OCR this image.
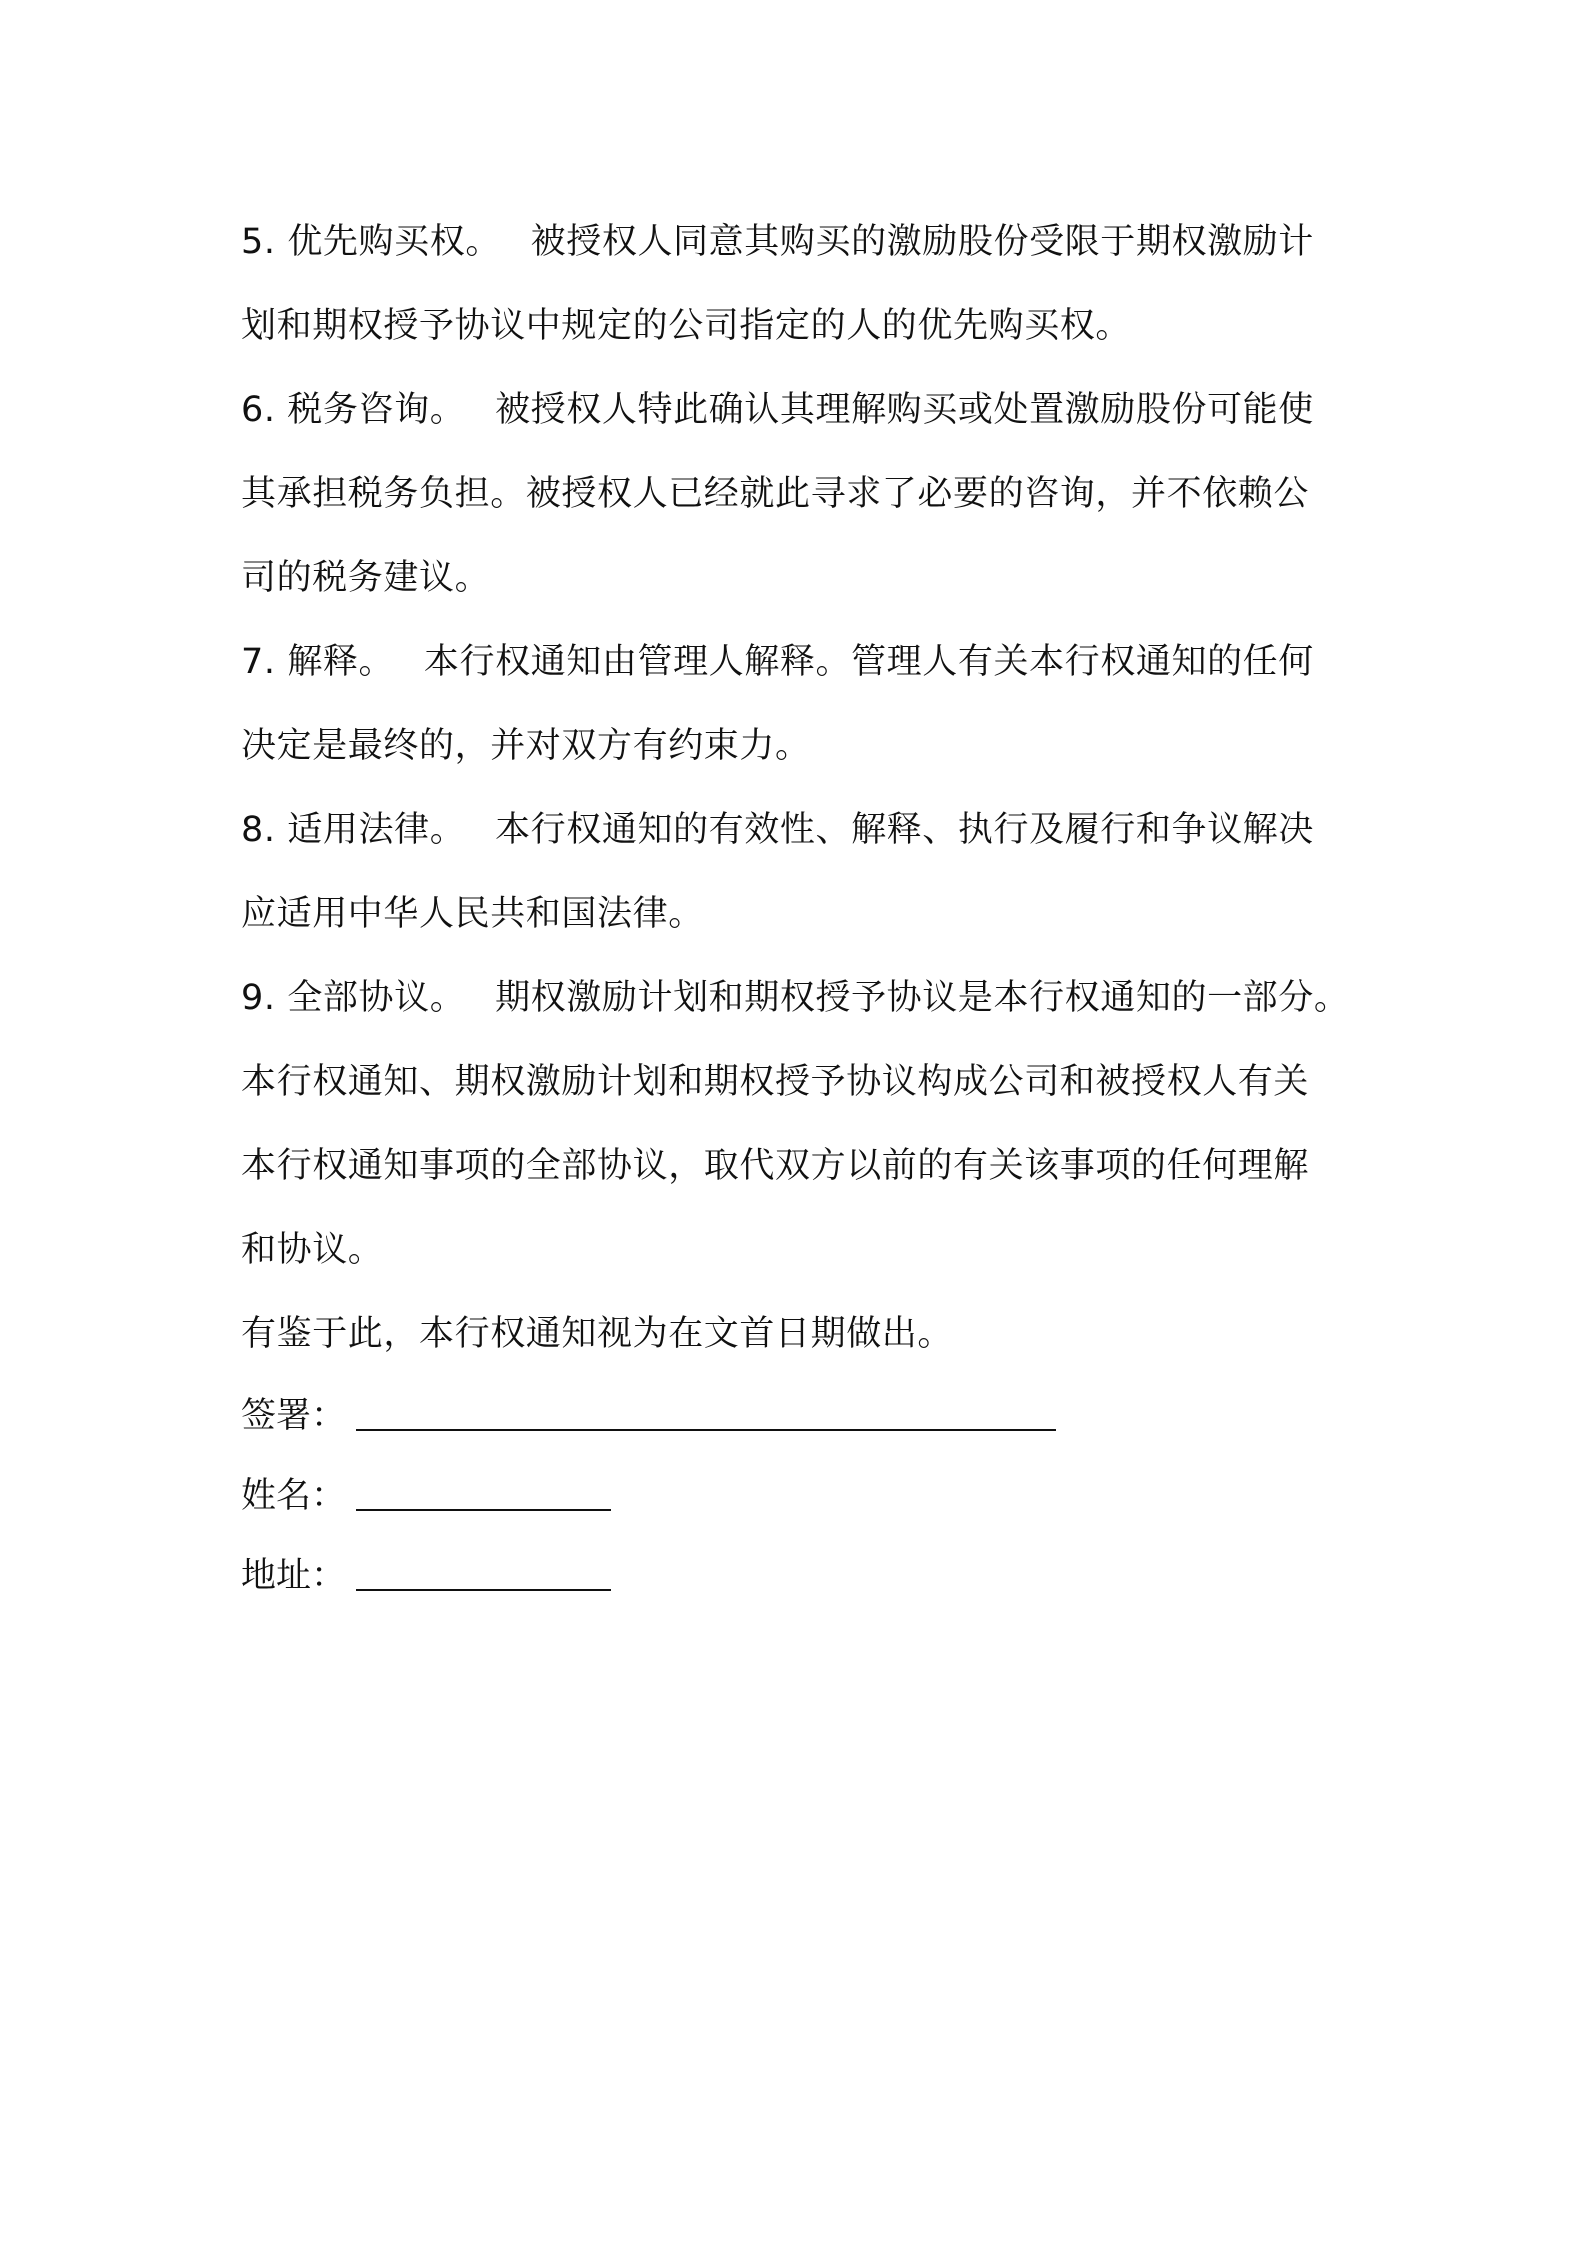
5. 优先购买权。 被授权人同意其购买的激励股份受限于期权激励计
划和期权授予协议中规定的公司指定的人的优先购买权。
6. 税务咨询。 被授权人特此确认其理解购买或处置激励股份可能使
其承担税务负担。被授权人已经就此寻求了必要的咨询，并不依赖公
司的税务建议。
7. 解释。 本行权通知由管理人解释。管理人有关本行权通知的任何
决定是最终的，并对双方有约束力。
8. 适用法律。 本行权通知的有效性、解释、执行及履行和争议解决
应适用中华人民共和国法律。
9. 全部协议。 期权激励计划和期权授予协议是本行权通知的一部分。
本行权通知、期权激励计划和期权授予协议构成公司和被授权人有关
本行权通知事项的全部协议，取代双方以前的有关该事项的任何理解
和协议。
有鉴于此，本行权通知视为在文首日期做出。
签署：
姓名：
地址：
